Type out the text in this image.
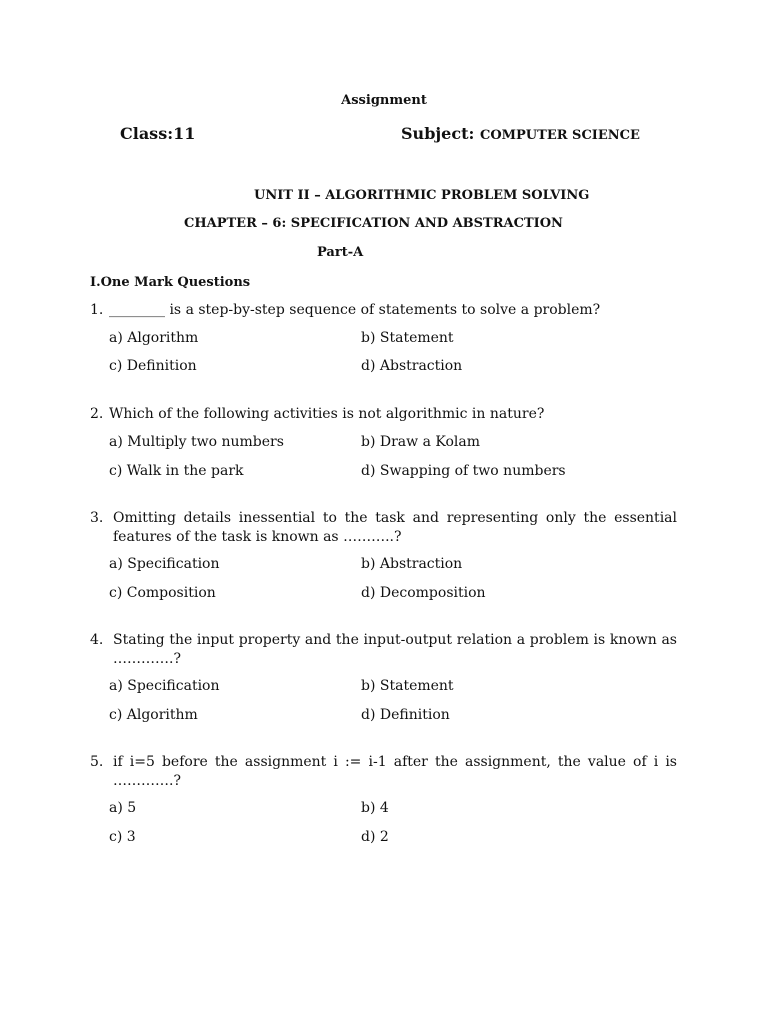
Assignment
Class:11	Subject: COMPUTER SCIENCE
UNIT II – ALGORITHMIC PROBLEM SOLVING
CHAPTER – 6: SPECIFICATION AND ABSTRACTION
Part-A
I.One Mark Questions
1. ________ is a step-by-step sequence of statements to solve a problem?
a) Algorithm	b) Statement
c) Definition	d) Abstraction
2. Which of the following activities is not algorithmic in nature?
a) Multiply two numbers	b) Draw a Kolam
c) Walk in the park	d) Swapping of two numbers
3. Omitting details inessential to the task and representing only the essential features of the task is known as ………..?
a) Specification	b) Abstraction
c) Composition	d) Decomposition
4. Stating the input property and the input-output relation a problem is known as ………….?
a) Specification	b) Statement
c) Algorithm	d) Definition
5. if i=5 before the assignment i := i-1 after the assignment, the value of i is ………….?
a) 5	b) 4
c) 3	d) 2
